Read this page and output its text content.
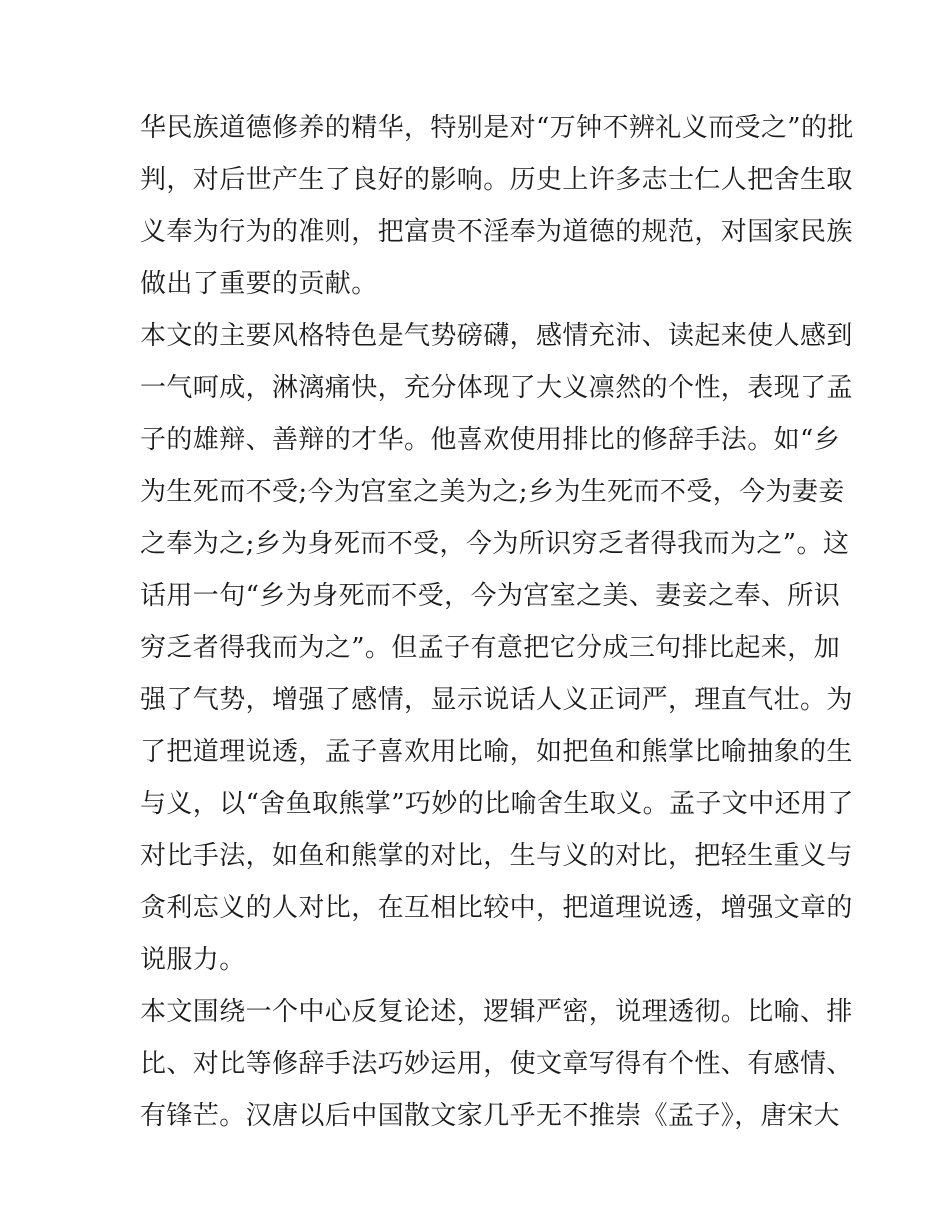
华民族道德修养的精华，特别是对“万钟不辨礼义而受之”的批
判，对后世产生了良好的影响。历史上许多志士仁人把舍生取
义奉为行为的准则，把富贵不淫奉为道德的规范，对国家民族
做出了重要的贡献。
本文的主要风格特色是气势磅礴，感情充沛、读起来使人感到
一气呵成，淋漓痛快，充分体现了大义凛然的个性，表现了孟
子的雄辩、善辩的才华。他喜欢使用排比的修辞手法。如“乡
为生死而不受;今为宫室之美为之;乡为生死而不受，今为妻妾
之奉为之;乡为身死而不受，今为所识穷乏者得我而为之”。这
话用一句“乡为身死而不受，今为宫室之美、妻妾之奉、所识
穷乏者得我而为之”。但孟子有意把它分成三句排比起来，加
强了气势，增强了感情，显示说话人义正词严，理直气壮。为
了把道理说透，孟子喜欢用比喻，如把鱼和熊掌比喻抽象的生
与义，以“舍鱼取熊掌”巧妙的比喻舍生取义。孟子文中还用了
对比手法，如鱼和熊掌的对比，生与义的对比，把轻生重义与
贪利忘义的人对比，在互相比较中，把道理说透，增强文章的
说服力。
本文围绕一个中心反复论述，逻辑严密，说理透彻。比喻、排
比、对比等修辞手法巧妙运用，使文章写得有个性、有感情、
有锋芒。汉唐以后中国散文家几乎无不推崇《孟子》，唐宋大
